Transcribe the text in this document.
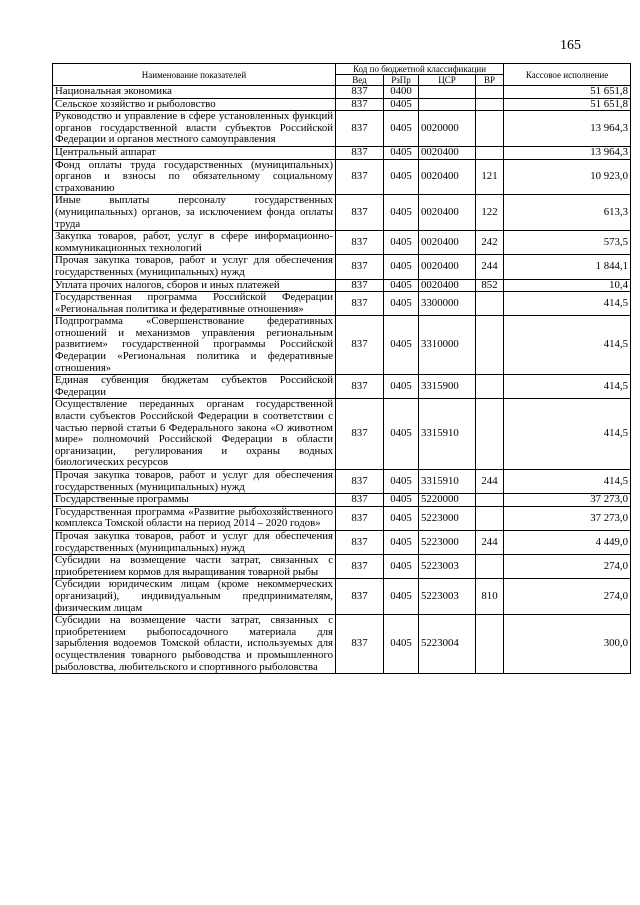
165
Наименование показателей	Код по бюджетной классификации				Кассовое исполнение
	Вед	РзПр	ЦСР	ВР	
Национальная экономика	837	0400			51 651,8
Сельское хозяйство и рыболовство	837	0405			51 651,8
Руководство и управление в сфере установленных функций органов государственной власти субъектов Российской Федерации и органов местного самоуправления	837	0405	0020000		13 964,3
Центральный аппарат	837	0405	0020400		13 964,3
Фонд оплаты труда государственных (муниципальных) органов и взносы по обязательному социальному страхованию	837	0405	0020400	121	10 923,0
Иные выплаты персоналу государственных (муниципальных) органов, за исключением фонда оплаты труда	837	0405	0020400	122	613,3
Закупка товаров, работ, услуг в сфере информационно-коммуникационных технологий	837	0405	0020400	242	573,5
Прочая закупка товаров, работ и услуг для обеспечения государственных (муниципальных) нужд	837	0405	0020400	244	1 844,1
Уплата прочих налогов, сборов и иных платежей	837	0405	0020400	852	10,4
Государственная программа Российской Федерации «Региональная политика и федеративные отношения»	837	0405	3300000		414,5
Подпрограмма «Совершенствование федеративных отношений и механизмов управления региональным развитием» государственной программы Российской Федерации «Региональная политика и федеративные отношения»	837	0405	3310000		414,5
Единая субвенция бюджетам субъектов Российской Федерации	837	0405	3315900		414,5
Осуществление переданных органам государственной власти субъектов Российской Федерации в соответствии с частью первой статьи 6 Федерального закона «О животном мире» полномочий Российской Федерации в области организации, регулирования и охраны водных биологических ресурсов	837	0405	3315910		414,5
Прочая закупка товаров, работ и услуг для обеспечения государственных (муниципальных) нужд	837	0405	3315910	244	414,5
Государственные программы	837	0405	5220000		37 273,0
Государственная программа «Развитие рыбохозяйственного комплекса Томской области на период 2014 – 2020 годов»	837	0405	5223000		37 273,0
Прочая закупка товаров, работ и услуг для обеспечения государственных (муниципальных) нужд	837	0405	5223000	244	4 449,0
Субсидии на возмещение части затрат, связанных с приобретением кормов для выращивания товарной рыбы	837	0405	5223003		274,0
Субсидии юридическим лицам (кроме некоммерческих организаций), индивидуальным предпринимателям, физическим лицам	837	0405	5223003	810	274,0
Субсидии на возмещение части затрат, связанных с приобретением рыбопосадочного материала для зарыбления водоемов Томской области, используемых для осуществления товарного рыбоводства и промышленного рыболовства, любительского и спортивного рыболовства	837	0405	5223004		300,0
